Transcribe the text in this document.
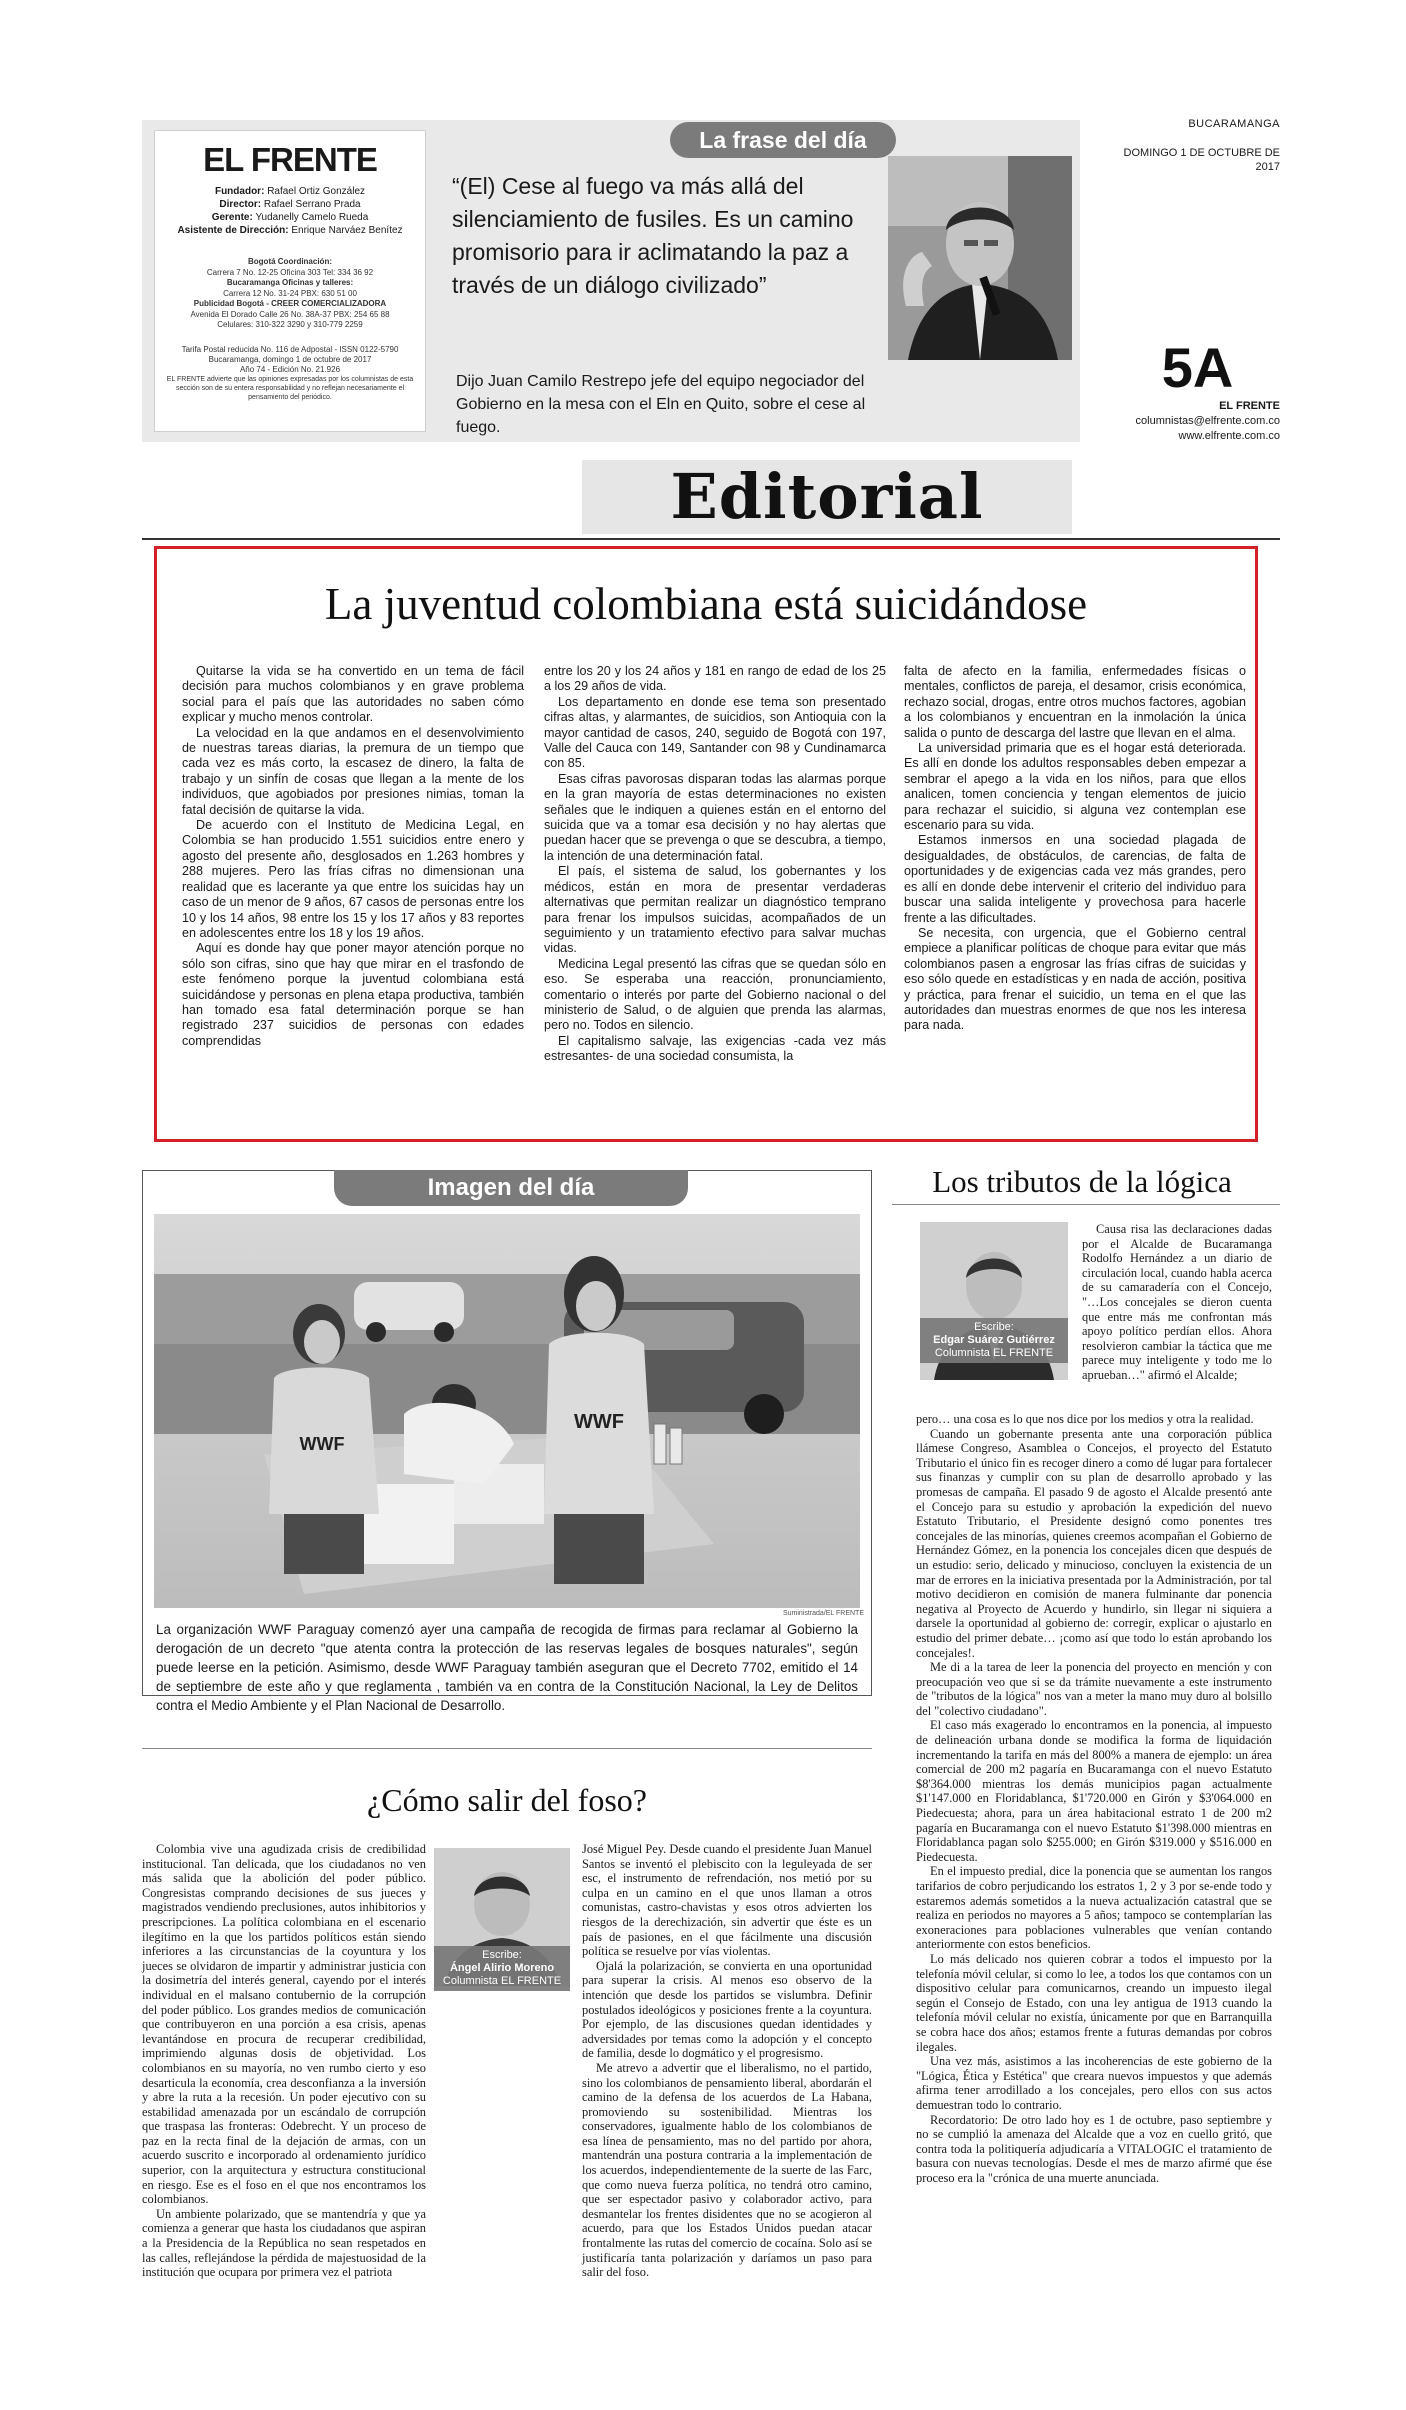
EL FRENTE
Fundador: Rafael Ortiz González
Director: Rafael Serrano Prada
Gerente: Yudanelly Camelo Rueda
Asistente de Dirección: Enrique Narváez Benítez
Bogotá Coordinación:
Carrera 7 No. 12-25 Oficina 303 Tel: 334 36 92
Bucaramanga Oficinas y talleres:
Carrera 12 No. 31-24 PBX: 630 51 00
Publicidad Bogotá - CREER COMERCIALIZADORA
Avenida El Dorado Calle 26 No. 38A-37 PBX: 254 65 88
Celulares: 310-322 3290 y 310-779 2259
Tarifa Postal reducida No. 116 de Adpostal - ISSN 0122-5790
Bucaramanga, domingo 1 de octubre de 2017
Año 74 - Edición No. 21.926
EL FRENTE advierte que las opiniones expresadas por los columnistas de esta sección son de su entera responsabilidad y no reflejan necesariamente el pensamiento del periódico.
La frase del día
“(El) Cese al fuego va más allá del silenciamiento de fusiles. Es un camino promisorio para ir aclimatando la paz a través de un diálogo civilizado”
Dijo Juan Camilo Restrepo jefe del equipo negociador del Gobierno en la mesa con el Eln en Quito, sobre el cese al fuego.
BUCARAMANGA
DOMINGO 1 DE OCTUBRE DE 2017
5A
EL FRENTE
columnistas@elfrente.com.co
www.elfrente.com.co
Editorial
La juventud colombiana está suicidándose

Quitarse la vida se ha convertido en un tema de fácil decisión para muchos colombianos y en grave problema social para el país que las autoridades no saben cómo explicar y mucho menos controlar.

La velocidad en la que andamos en el desenvolvimiento de nuestras tareas diarias, la premura de un tiempo que cada vez es más corto, la escasez de dinero, la falta de trabajo y un sinfín de cosas que llegan a la mente de los individuos, que agobiados por presiones nimias, toman la fatal decisión de quitarse la vida.

De acuerdo con el Instituto de Medicina Legal, en Colombia se han producido 1.551 suicidios entre enero y agosto del presente año, desglosados en 1.263 hombres y 288 mujeres. Pero las frías cifras no dimensionan una realidad que es lacerante ya que entre los suicidas hay un caso de un menor de 9 años, 67 casos de personas entre los 10 y los 14 años, 98 entre los 15 y los 17 años y 83 reportes en adolescentes entre los 18 y los 19 años.

Aquí es donde hay que poner mayor atención porque no sólo son cifras, sino que hay que mirar en el trasfondo de este fenómeno porque la juventud colombiana está suicidándose y personas en plena etapa productiva, también han tomado esa fatal determinación porque se han registrado 237 suicidios de personas con edades comprendidas

entre los 20 y los 24 años y 181 en rango de edad de los 25 a los 29 años de vida.

Los departamento en donde ese tema son presentado cifras altas, y alarmantes, de suicidios, son Antioquia con la mayor cantidad de casos, 240, seguido de Bogotá con 197, Valle del Cauca con 149, Santander con 98 y Cundinamarca con 85.

Esas cifras pavorosas disparan todas las alarmas porque en la gran mayoría de estas determinaciones no existen señales que le indiquen a quienes están en el entorno del suicida que va a tomar esa decisión y no hay alertas que puedan hacer que se prevenga o que se descubra, a tiempo, la intención de una determinación fatal.

El país, el sistema de salud, los gobernantes y los médicos, están en mora de presentar verdaderas alternativas que permitan realizar un diagnóstico temprano para frenar los impulsos suicidas, acompañados de un seguimiento y un tratamiento efectivo para salvar muchas vidas.

Medicina Legal presentó las cifras que se quedan sólo en eso. Se esperaba una reacción, pronunciamiento, comentario o interés por parte del Gobierno nacional o del ministerio de Salud, o de alguien que prenda las alarmas, pero no. Todos en silencio.

El capitalismo salvaje, las exigencias -cada vez más estresantes- de una sociedad consumista, la

falta de afecto en la familia, enfermedades físicas o mentales, conflictos de pareja, el desamor, crisis económica, rechazo social, drogas, entre otros muchos factores, agobian a los colombianos y encuentran en la inmolación la única salida o punto de descarga del lastre que llevan en el alma.

La universidad primaria que es el hogar está deteriorada. Es allí en donde los adultos responsables deben empezar a sembrar el apego a la vida en los niños, para que ellos analicen, tomen conciencia y tengan elementos de juicio para rechazar el suicidio, si alguna vez contemplan ese escenario para su vida.

Estamos inmersos en una sociedad plagada de desigualdades, de obstáculos, de carencias, de falta de oportunidades y de exigencias cada vez más grandes, pero es allí en donde debe intervenir el criterio del individuo para buscar una salida inteligente y provechosa para hacerle frente a las dificultades.

Se necesita, con urgencia, que el Gobierno central empiece a planificar políticas de choque para evitar que más colombianos pasen a engrosar las frías cifras de suicidas y eso sólo quede en estadísticas y en nada de acción, positiva y práctica, para frenar el suicidio, un tema en el que las autoridades dan muestras enormes de que nos les interesa para nada.

Imagen del día
WWF
WWF
Suministrada/EL FRENTE
La organización WWF Paraguay comenzó ayer una campaña de recogida de firmas para reclamar al Gobierno la derogación de un decreto "que atenta contra la protección de las reservas legales de bosques naturales", según puede leerse en la petición. Asimismo, desde WWF Paraguay también aseguran que el Decreto 7702, emitido el 14 de septiembre de este año y que reglamenta , también va en contra de la Constitución Nacional, la Ley de Delitos contra el Medio Ambiente y el Plan Nacional de Desarrollo.
Los tributos de la lógica
Escribe:
Edgar Suárez Gutiérrez
Columnista EL FRENTE

Causa risa las declaraciones dadas por el Alcalde de Bucaramanga Rodolfo Hernández a un diario de circulación local, cuando habla acerca de su camaradería con el Concejo, "…Los concejales se dieron cuenta que entre más me confrontan más apoyo político perdían ellos. Ahora resolvieron cambiar la táctica que me parece muy inteligente y todo me lo aprueban…" afirmó el Alcalde;

pero… una cosa es lo que nos dice por los medios y otra la realidad.

Cuando un gobernante presenta ante una corporación pública llámese Congreso, Asamblea o Concejos, el proyecto del Estatuto Tributario el único fin es recoger dinero a como dé lugar para fortalecer sus finanzas y cumplir con su plan de desarrollo aprobado y las promesas de campaña. El pasado 9 de agosto el Alcalde presentó ante el Concejo para su estudio y aprobación la expedición del nuevo Estatuto Tributario, el Presidente designó como ponentes tres concejales de las minorías, quienes creemos acompañan el Gobierno de Hernández Gómez, en la ponencia los concejales dicen que después de un estudio: serio, delicado y minucioso, concluyen la existencia de un mar de errores en la iniciativa presentada por la Administración, por tal motivo decidieron en comisión de manera fulminante dar ponencia negativa al Proyecto de Acuerdo y hundirlo, sin llegar ni siquiera a darsele la oportunidad al gobierno de: corregir, explicar o ajustarlo en estudio del primer debate… ¡como así que todo lo están aprobando los concejales!.

Me di a la tarea de leer la ponencia del proyecto en mención y con preocupación veo que si se da trámite nuevamente a este instrumento de "tributos de la lógica" nos van a meter la mano muy duro al bolsillo del "colectivo ciudadano".

El caso más exagerado lo encontramos en la ponencia, al impuesto de delineación urbana donde se modifica la forma de liquidación incrementando la tarifa en más del 800% a manera de ejemplo: un área comercial de 200 m2 pagaría en Bucaramanga con el nuevo Estatuto $8'364.000 mientras los demás municipios pagan actualmente $1'147.000 en Floridablanca, $1'720.000 en Girón y $3'064.000 en Piedecuesta; ahora, para un área habitacional estrato 1 de 200 m2 pagaría en Bucaramanga con el nuevo Estatuto $1'398.000 mientras en Floridablanca pagan solo $255.000; en Girón $319.000 y $516.000 en Piedecuesta.

En el impuesto predial, dice la ponencia que se aumentan los rangos tarifarios de cobro perjudicando los estratos 1, 2 y 3 por se-ende todo y estaremos además sometidos a la nueva actualización catastral que se realiza en periodos no mayores a 5 años; tampoco se contemplarían las exoneraciones para poblaciones vulnerables que venían contando anteriormente con estos beneficios.

Lo más delicado nos quieren cobrar a todos el impuesto por la telefonía móvil celular, si como lo lee, a todos los que contamos con un dispositivo celular para comunicarnos, creando un impuesto ilegal según el Consejo de Estado, con una ley antigua de 1913 cuando la telefonía móvil celular no existía, únicamente por que en Barranquilla se cobra hace dos años; estamos frente a futuras demandas por cobros ilegales.

Una vez más, asistimos a las incoherencias de este gobierno de la "Lógica, Ética y Estética" que creara nuevos impuestos y que además afirma tener arrodillado a los concejales, pero ellos con sus actos demuestran todo lo contrario.

Recordatorio: De otro lado hoy es 1 de octubre, paso septiembre y no se cumplió la amenaza del Alcalde que a voz en cuello gritó, que contra toda la politiquería adjudicaría a VITALOGIC el tratamiento de basura con nuevas tecnologías. Desde el mes de marzo afirmé que ése proceso era la "crónica de una muerte anunciada.

¿Cómo salir del foso?

Colombia vive una agudizada crisis de credibilidad institucional. Tan delicada, que los ciudadanos no ven más salida que la abolición del poder público. Congresistas comprando decisiones de sus jueces y magistrados vendiendo preclusiones, autos inhibitorios y prescripciones. La política colombiana en el escenario ilegítimo en la que los partidos políticos están siendo inferiores a las circunstancias de la coyuntura y los jueces se olvidaron de impartir y administrar justicia con la dosimetría del interés general, cayendo por el interés individual en el malsano contubernio de la corrupción del poder público. Los grandes medios de comunicación que contribuyeron en una porción a esa crisis, apenas levantándose en procura de recuperar credibilidad, imprimiendo algunas dosis de objetividad. Los colombianos en su mayoría, no ven rumbo cierto y eso desarticula la economía, crea desconfianza a la inversión y abre la ruta a la recesión. Un poder ejecutivo con su estabilidad amenazada por un escándalo de corrupción que traspasa las fronteras: Odebrecht. Y un proceso de paz en la recta final de la dejación de armas, con un acuerdo suscrito e incorporado al ordenamiento jurídico superior, con la arquitectura y estructura constitucional en riesgo. Ese es el foso en el que nos encontramos los colombianos.

Un ambiente polarizado, que se mantendría y que ya comienza a generar que hasta los ciudadanos que aspiran a la Presidencia de la República no sean respetados en las calles, reflejándose la pérdida de majestuosidad de la institución que ocupara por primera vez el patriota

Escribe:
Ángel Alirio Moreno
Columnista EL FRENTE

José Miguel Pey. Desde cuando el presidente Juan Manuel Santos se inventó el plebiscito con la leguleyada de ser esc, el instrumento de refrendación, nos metió por su culpa en un camino en el que unos llaman a otros comunistas, castro-chavistas y esos otros advierten los riesgos de la derechización, sin advertir que éste es un país de pasiones, en el que fácilmente una discusión política se resuelve por vías violentas.

Ojalá la polarización, se convierta en una oportunidad para superar la crisis. Al menos eso observo de la intención que desde los partidos se vislumbra. Definir postulados ideológicos y posiciones frente a la coyuntura. Por ejemplo, de las discusiones quedan identidades y adversidades por temas como la adopción y el concepto de familia, desde lo dogmático y el progresismo.

Me atrevo a advertir que el liberalismo, no el partido, sino los colombianos de pensamiento liberal, abordarán el camino de la defensa de los acuerdos de La Habana, promoviendo su sostenibilidad. Mientras los conservadores, igualmente hablo de los colombianos de esa línea de pensamiento, mas no del partido por ahora, mantendrán una postura contraria a la implementación de los acuerdos, independientemente de la suerte de las Farc, que como nueva fuerza política, no tendrá otro camino, que ser espectador pasivo y colaborador activo, para desmantelar los frentes disidentes que no se acogieron al acuerdo, para que los Estados Unidos puedan atacar frontalmente las rutas del comercio de cocaína. Solo así se justificaría tanta polarización y daríamos un paso para salir del foso.
